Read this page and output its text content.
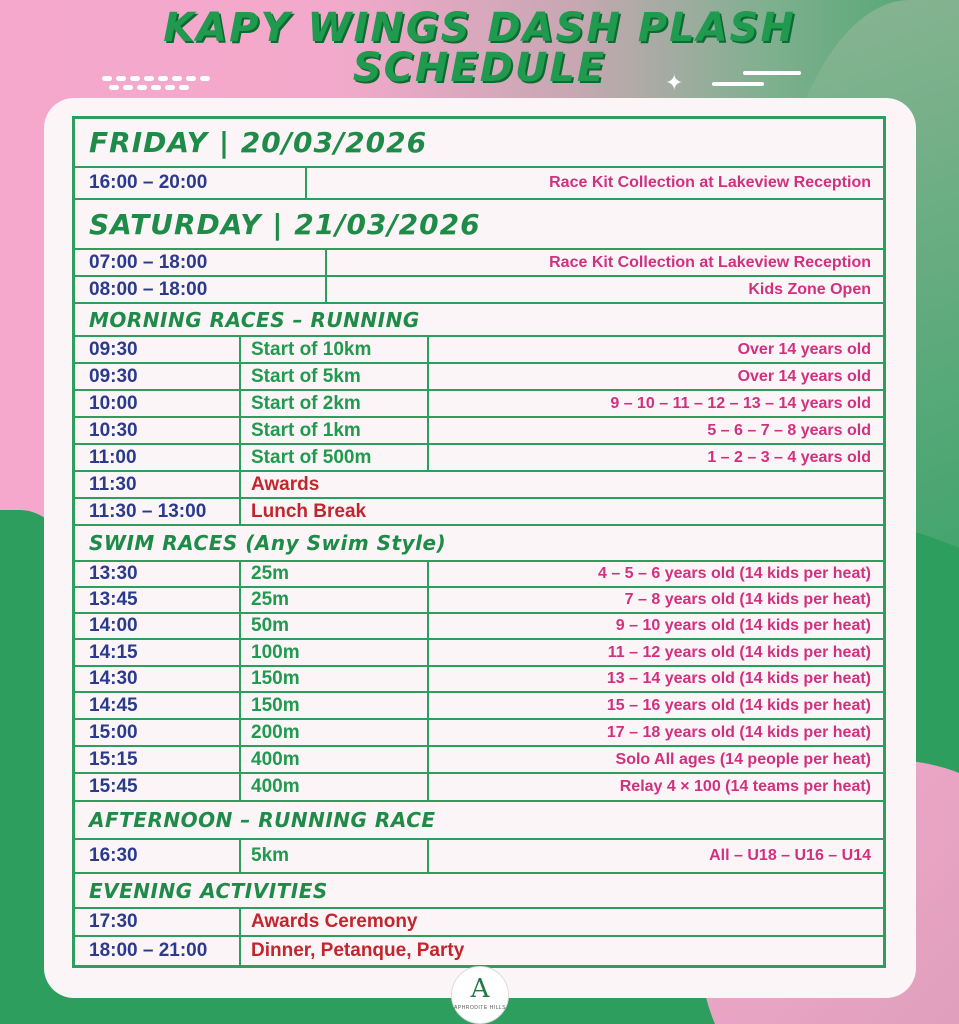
KAPY WINGS DASH PLASH
SCHEDULE	✦
FRIDAY | 20/03/2026
16:00 – 20:00	Race Kit Collection at Lakeview Reception
SATURDAY | 21/03/2026
07:00 – 18:00	Race Kit Collection at Lakeview Reception
08:00 – 18:00	Kids Zone Open
MORNING RACES – RUNNING
09:30	Start of 10km	Over 14 years old
09:30	Start of 5km	Over 14 years old
10:00	Start of 2km	9 – 10 – 11 – 12 – 13 – 14 years old
10:30	Start of 1km	5 – 6 – 7 – 8 years old
11:00	Start of 500m	1 – 2 – 3 – 4 years old
11:30	Awards
11:30 – 13:00	Lunch Break
SWIM RACES (Any Swim Style)
13:30	25m	4 – 5 – 6 years old (14 kids per heat)
13:45	25m	7 – 8 years old (14 kids per heat)
14:00	50m	9 – 10 years old (14 kids per heat)
14:15	100m	11 – 12 years old (14 kids per heat)
14:30	150m	13 – 14 years old (14 kids per heat)
14:45	150m	15 – 16 years old (14 kids per heat)
15:00	200m	17 – 18 years old (14 kids per heat)
15:15	400m	Solo All ages (14 people per heat)
15:45	400m	Relay 4 × 100 (14 teams per heat)
AFTERNOON – RUNNING RACE
16:30	5km	All – U18 – U16 – U14
EVENING ACTIVITIES
17:30	Awards Ceremony
18:00 – 21:00	Dinner, Petanque, Party
A
APHRODITE HILLS
